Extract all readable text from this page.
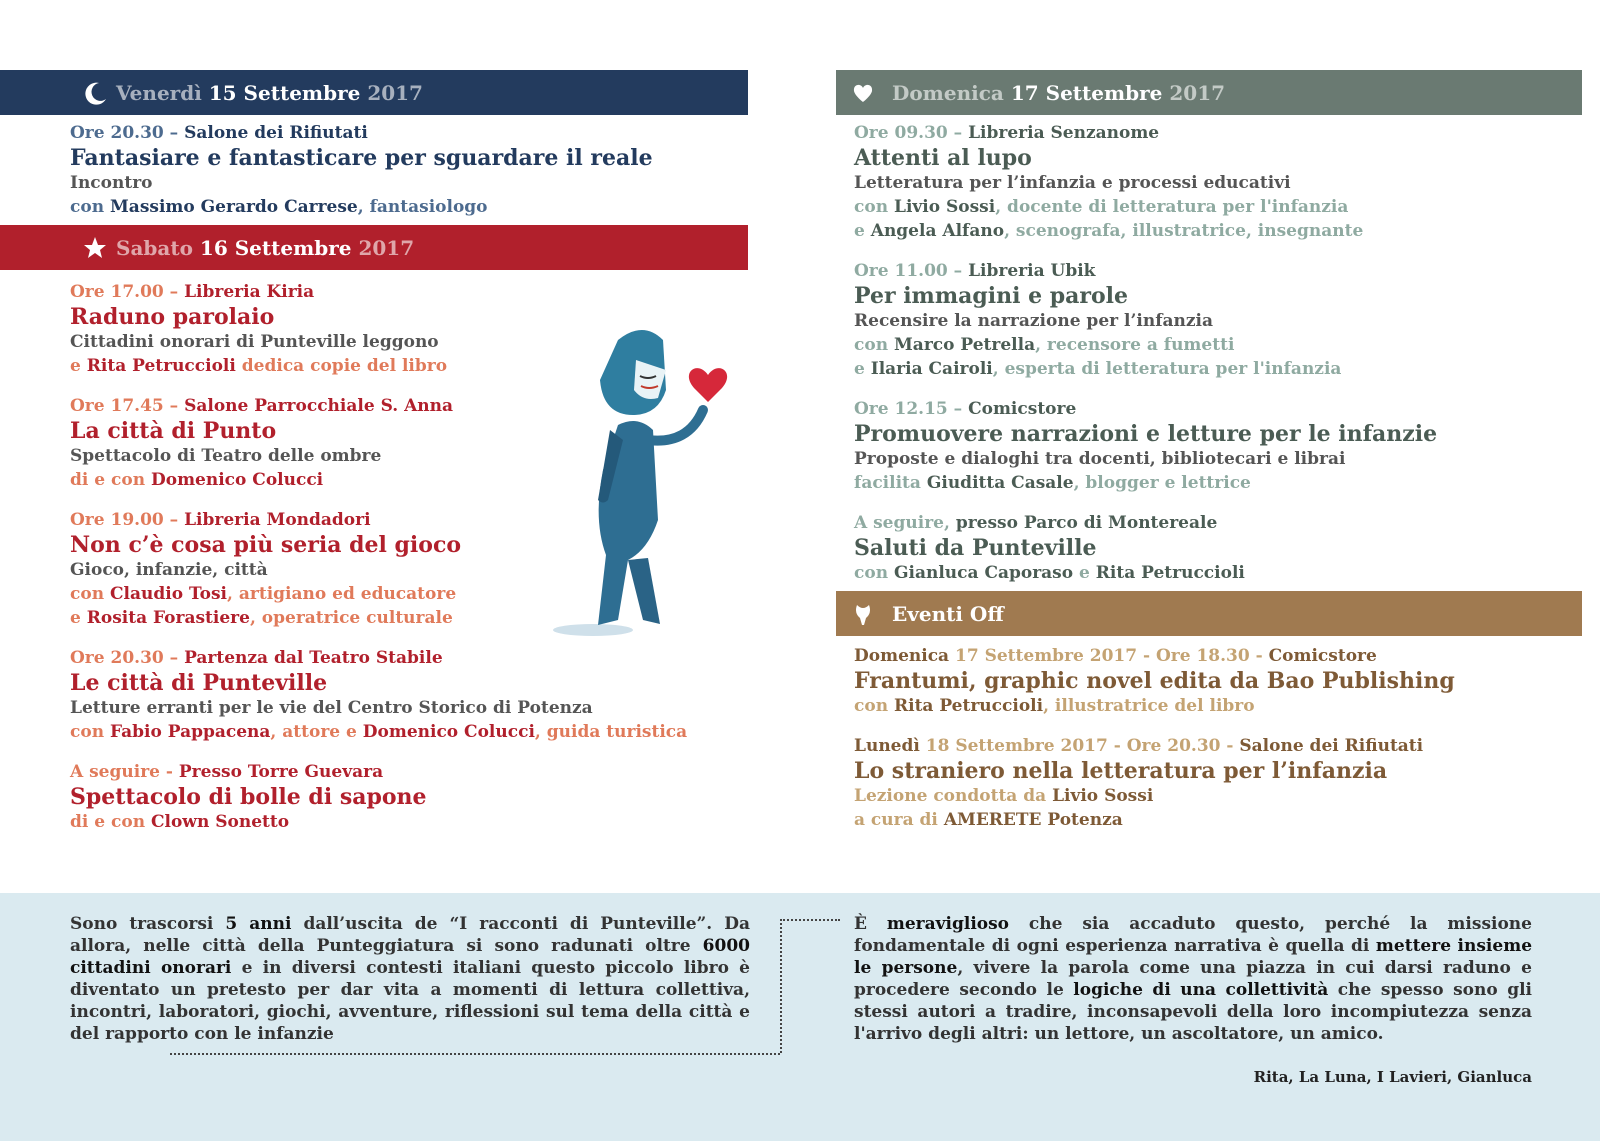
Venerdì 15 Settembre 2017
Ore 20.30 – Salone dei Rifiutati
Fantasiare e fantasticare per sguardare il reale
Incontro
con Massimo Gerardo Carrese, fantasiologo
Sabato 16 Settembre 2017
Ore 17.00 – Libreria Kiria
Raduno parolaio
Cittadini onorari di Punteville leggono
e Rita Petruccioli dedica copie del libro
Ore 17.45 – Salone Parrocchiale S. Anna
La città di Punto
Spettacolo di Teatro delle ombre
di e con Domenico Colucci
Ore 19.00 – Libreria Mondadori
Non c’è cosa più seria del gioco
Gioco, infanzie, città
con Claudio Tosi, artigiano ed educatore
e Rosita Forastiere, operatrice culturale
Ore 20.30 – Partenza dal Teatro Stabile
Le città di Punteville
Letture erranti per le vie del Centro Storico di Potenza
con Fabio Pappacena, attore e Domenico Colucci, guida turistica
A seguire - Presso Torre Guevara
Spettacolo di bolle di sapone
di e con Clown Sonetto
Domenica 17 Settembre 2017
Ore 09.30 – Libreria Senzanome
Attenti al lupo
Letteratura per l’infanzia e processi educativi
con Livio Sossi, docente di letteratura per l'infanzia
e Angela Alfano, scenografa, illustratrice, insegnante
Ore 11.00 – Libreria Ubik
Per immagini e parole
Recensire la narrazione per l’infanzia
con Marco Petrella, recensore a fumetti
e Ilaria Cairoli, esperta di letteratura per l'infanzia
Ore 12.15 – Comicstore
Promuovere narrazioni e letture per le infanzie
Proposte e dialoghi tra docenti, bibliotecari e librai
facilita Giuditta Casale, blogger e lettrice
A seguire, presso Parco di Montereale
Saluti da Punteville
con Gianluca Caporaso e Rita Petruccioli
Eventi Off
Domenica 17 Settembre 2017 - Ore 18.30 - Comicstore
Frantumi, graphic novel edita da Bao Publishing
con Rita Petruccioli, illustratrice del libro
Lunedì 18 Settembre 2017 - Ore 20.30 - Salone dei Rifiutati
Lo straniero nella letteratura per l’infanzia
Lezione condotta da Livio Sossi
a cura di AMERETE Potenza
Sono trascorsi 5 anni dall’uscita de “I racconti di Punteville”. Da allora, nelle città della Punteggiatura si sono radunati oltre 6000 cittadini onorari e in diversi contesti italiani questo piccolo libro è diventato un pretesto per dar vita a momenti di lettura collettiva, incontri, laboratori, giochi, avventure, riflessioni sul tema della città e del rapporto con le infanzie
È meraviglioso che sia accaduto questo, perché la missione fondamentale di ogni esperienza narrativa è quella di mettere insieme le persone, vivere la parola come una piazza in cui darsi raduno e procedere secondo le logiche di una collettività che spesso sono gli stessi autori a tradire, inconsapevoli della loro incompiutezza senza l'arrivo degli altri: un lettore, un ascoltatore, un amico.
Rita, La Luna, I Lavieri, Gianluca
